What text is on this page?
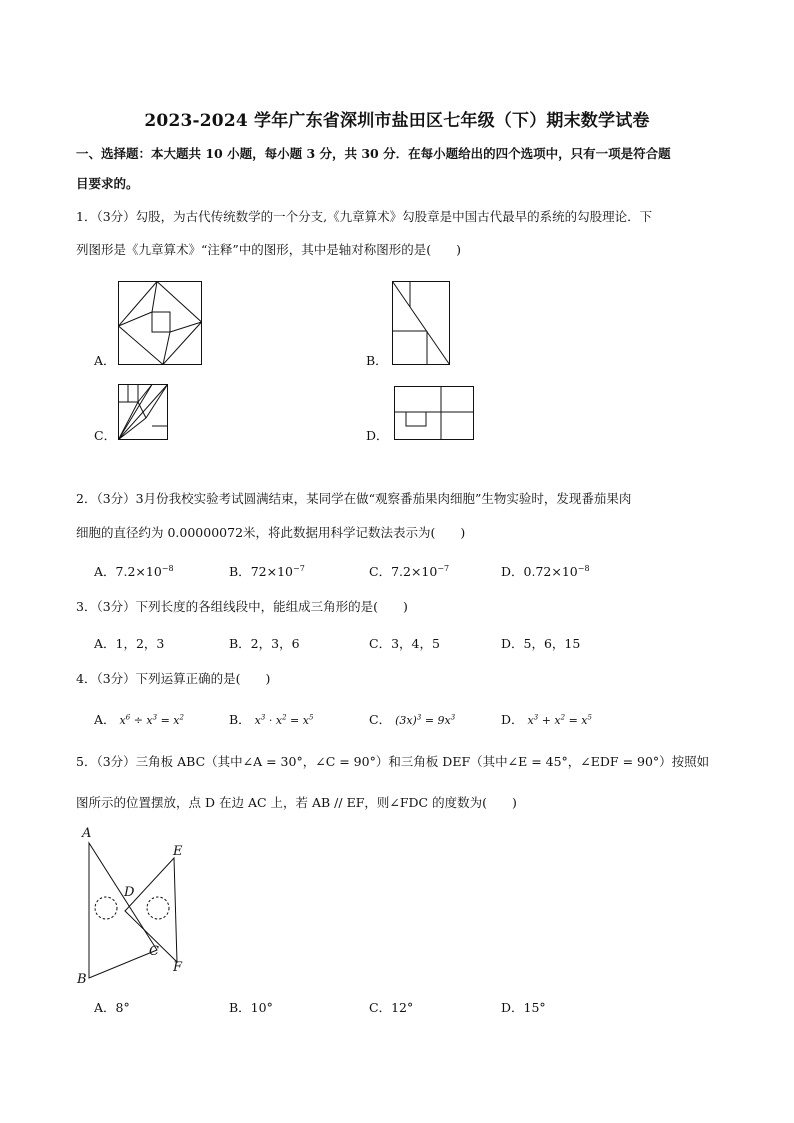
2023-2024 学年广东省深圳市盐田区七年级（下）期末数学试卷
一、选择题：本大题共 10 小题，每小题 3 分，共 30 分．在每小题给出的四个选项中，只有一项是符合题
目要求的。
1．（3分）勾股，为古代传统数学的一个分支,《九章算术》勾股章是中国古代最早的系统的勾股理论．下
列图形是《九章算术》“注释”中的图形，其中是轴对称图形的是(　　)
A．	B．
C．	D．
2．（3分）3月份我校实验考试圆满结束，某同学在做“观察番茄果肉细胞”生物实验时，发现番茄果肉
细胞的直径约为 0.00000072米，将此数据用科学记数法表示为(　　)
A．$7.2\times 10^{-8}$	B．$72\times 10^{-7}$	C．$7.2\times 10^{-7}$	D．$0.72\times 10^{-8}$
3．（3分）下列长度的各组线段中，能组成三角形的是(　　)
A．1，2，3	B．2，3，6	C．3，4，5	D．5，6，15
4．（3分）下列运算正确的是(　　)
A． $x^6 \div x^3 = x^2$	B． $x^3 \cdot x^2 = x^5$	C． $(3x)^3 = 9x^3$	D． $x^3 + x^2 = x^5$
5．（3分）三角板 ABC（其中∠A = 30°，∠C = 90°）和三角板 DEF（其中∠E = 45°，∠EDF = 90°）按照如
图所示的位置摆放，点 D 在边 AC 上，若 AB // EF，则∠FDC 的度数为(　　)
A
B
C
D
E
F
A．8°	B．10°	C．12°	D．15°
